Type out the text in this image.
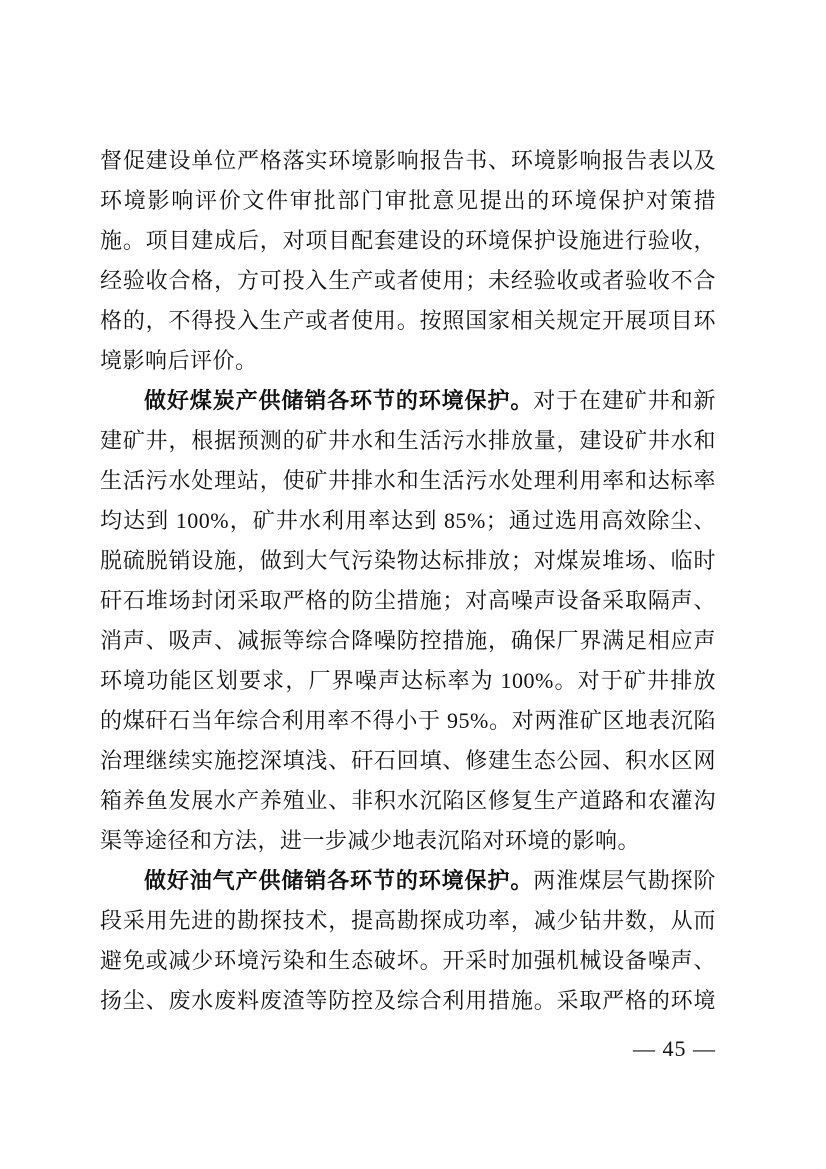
督促建设单位严格落实环境影响报告书、环境影响报告表以及环境影响评价文件审批部门审批意见提出的环境保护对策措施。项目建成后，对项目配套建设的环境保护设施进行验收，经验收合格，方可投入生产或者使用；未经验收或者验收不合格的，不得投入生产或者使用。按照国家相关规定开展项目环境影响后评价。

做好煤炭产供储销各环节的环境保护。对于在建矿井和新建矿井，根据预测的矿井水和生活污水排放量，建设矿井水和生活污水处理站，使矿井排水和生活污水处理利用率和达标率均达到 100%，矿井水利用率达到 85%；通过选用高效除尘、脱硫脱销设施，做到大气污染物达标排放；对煤炭堆场、临时矸石堆场封闭采取严格的防尘措施；对高噪声设备采取隔声、消声、吸声、减振等综合降噪防控措施，确保厂界满足相应声环境功能区划要求，厂界噪声达标率为 100%。对于矿井排放的煤矸石当年综合利用率不得小于 95%。对两淮矿区地表沉陷治理继续实施挖深填浅、矸石回填、修建生态公园、积水区网箱养鱼发展水产养殖业、非积水沉陷区修复生产道路和农灌沟渠等途径和方法，进一步减少地表沉陷对环境的影响。

做好油气产供储销各环节的环境保护。两淮煤层气勘探阶段采用先进的勘探技术，提高勘探成功率，减少钻井数，从而避免或减少环境污染和生态破坏。开采时加强机械设备噪声、扬尘、废水废料废渣等防控及综合利用措施。采取严格的环境

— 45 —
